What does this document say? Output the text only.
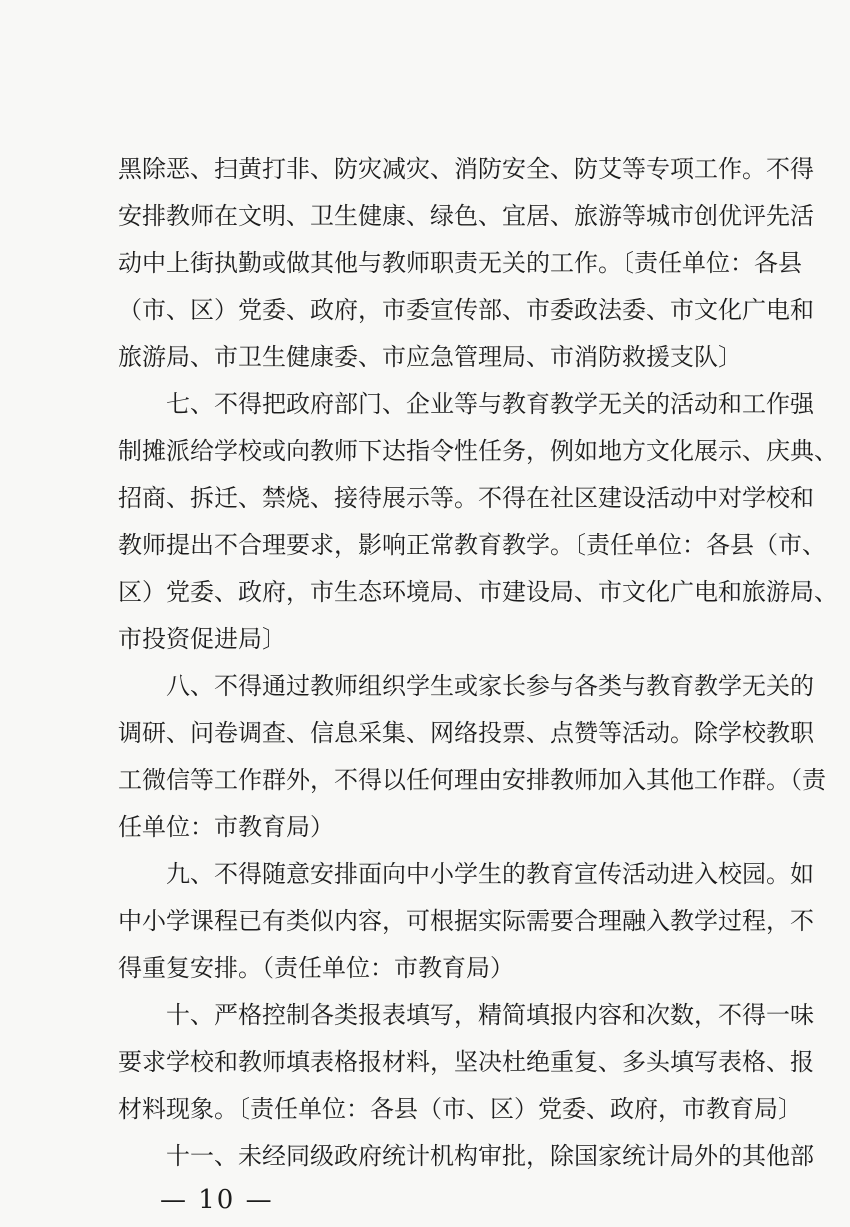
黑除恶、扫黄打非、防灾减灾、消防安全、防艾等专项工作。不得
安排教师在文明、卫生健康、绿色、宜居、旅游等城市创优评先活
动中上街执勤或做其他与教师职责无关的工作。〔责任单位：各县
（市、区）党委、政府，市委宣传部、市委政法委、市文化广电和
旅游局、市卫生健康委、市应急管理局、市消防救援支队〕
七、不得把政府部门、企业等与教育教学无关的活动和工作强
制摊派给学校或向教师下达指令性任务，例如地方文化展示、庆典、
招商、拆迁、禁烧、接待展示等。不得在社区建设活动中对学校和
教师提出不合理要求，影响正常教育教学。〔责任单位：各县（市、
区）党委、政府，市生态环境局、市建设局、市文化广电和旅游局、
市投资促进局〕
八、不得通过教师组织学生或家长参与各类与教育教学无关的
调研、问卷调查、信息采集、网络投票、点赞等活动。除学校教职
工微信等工作群外，不得以任何理由安排教师加入其他工作群。（责
任单位：市教育局）
九、不得随意安排面向中小学生的教育宣传活动进入校园。如
中小学课程已有类似内容，可根据实际需要合理融入教学过程，不
得重复安排。（责任单位：市教育局）
十、严格控制各类报表填写，精简填报内容和次数，不得一味
要求学校和教师填表格报材料，坚决杜绝重复、多头填写表格、报
材料现象。〔责任单位：各县（市、区）党委、政府，市教育局〕
十一、未经同级政府统计机构审批，除国家统计局外的其他部
— 10 —
